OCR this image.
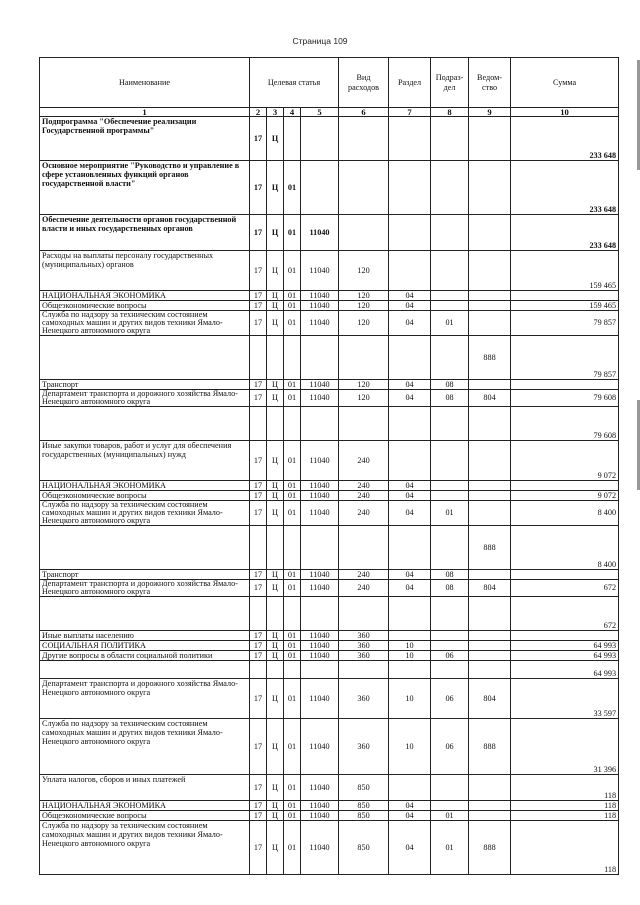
Страница 109
Наименование	Целевая статья				Вид расходов	Раздел	Подраз-дел	Ведом-ство	Сумма
1	2	3	4	5	6	7	8	9	10
Подпрограмма "Обеспечение реализации Государственной программы"	17	Ц							233 648
Основное мероприятие "Руководство и управление в сфере установленных функций органов государственной власти"	17	Ц	01						233 648
Обеспечение деятельности органов государственной власти и иных государственных органов	17	Ц	01	11040					233 648
Расходы на выплаты персоналу государственных (муниципальных) органов	17	Ц	01	11040	120				159 465
НАЦИОНАЛЬНАЯ ЭКОНОМИКА	17	Ц	01	11040	120	04			
Общеэкономические вопросы	17	Ц	01	11040	120	04			159 465
Служба по надзору за техническим состоянием самоходных машин и других видов техники Ямало-Ненецкого автономного округа	17	Ц	01	11040	120	04	01		79 857
								888	79 857
Транспорт	17	Ц	01	11040	120	04	08		
Департамент транспорта и дорожного хозяйства Ямало-Ненецкого автономного округа	17	Ц	01	11040	120	04	08	804	79 608
									79 608
Иные закупки товаров, работ и услуг для обеспечения государственных (муниципальных) нужд	17	Ц	01	11040	240				9 072
НАЦИОНАЛЬНАЯ ЭКОНОМИКА	17	Ц	01	11040	240	04			
Общеэкономические вопросы	17	Ц	01	11040	240	04			9 072
Служба по надзору за техническим состоянием самоходных машин и других видов техники Ямало-Ненецкого автономного округа	17	Ц	01	11040	240	04	01		8 400
								888	8 400
Транспорт	17	Ц	01	11040	240	04	08		
Департамент транспорта и дорожного хозяйства Ямало-Ненецкого автономного округа	17	Ц	01	11040	240	04	08	804	672
									672
Иные выплаты населению	17	Ц	01	11040	360				
СОЦИАЛЬНАЯ ПОЛИТИКА	17	Ц	01	11040	360	10			64 993
Другие вопросы в области социальной политики	17	Ц	01	11040	360	10	06		64 993
									64 993
Департамент транспорта и дорожного хозяйства Ямало-Ненецкого автономного округа	17	Ц	01	11040	360	10	06	804	33 597
Служба по надзору за техническим состоянием самоходных машин и других видов техники Ямало-Ненецкого автономного округа	17	Ц	01	11040	360	10	06	888	31 396
Уплата налогов, сборов и иных платежей	17	Ц	01	11040	850				118
НАЦИОНАЛЬНАЯ ЭКОНОМИКА	17	Ц	01	11040	850	04			118
Общеэкономические вопросы	17	Ц	01	11040	850	04	01		118
Служба по надзору за техническим состоянием самоходных машин и других видов техники Ямало-Ненецкого автономного округа	17	Ц	01	11040	850	04	01	888	118
